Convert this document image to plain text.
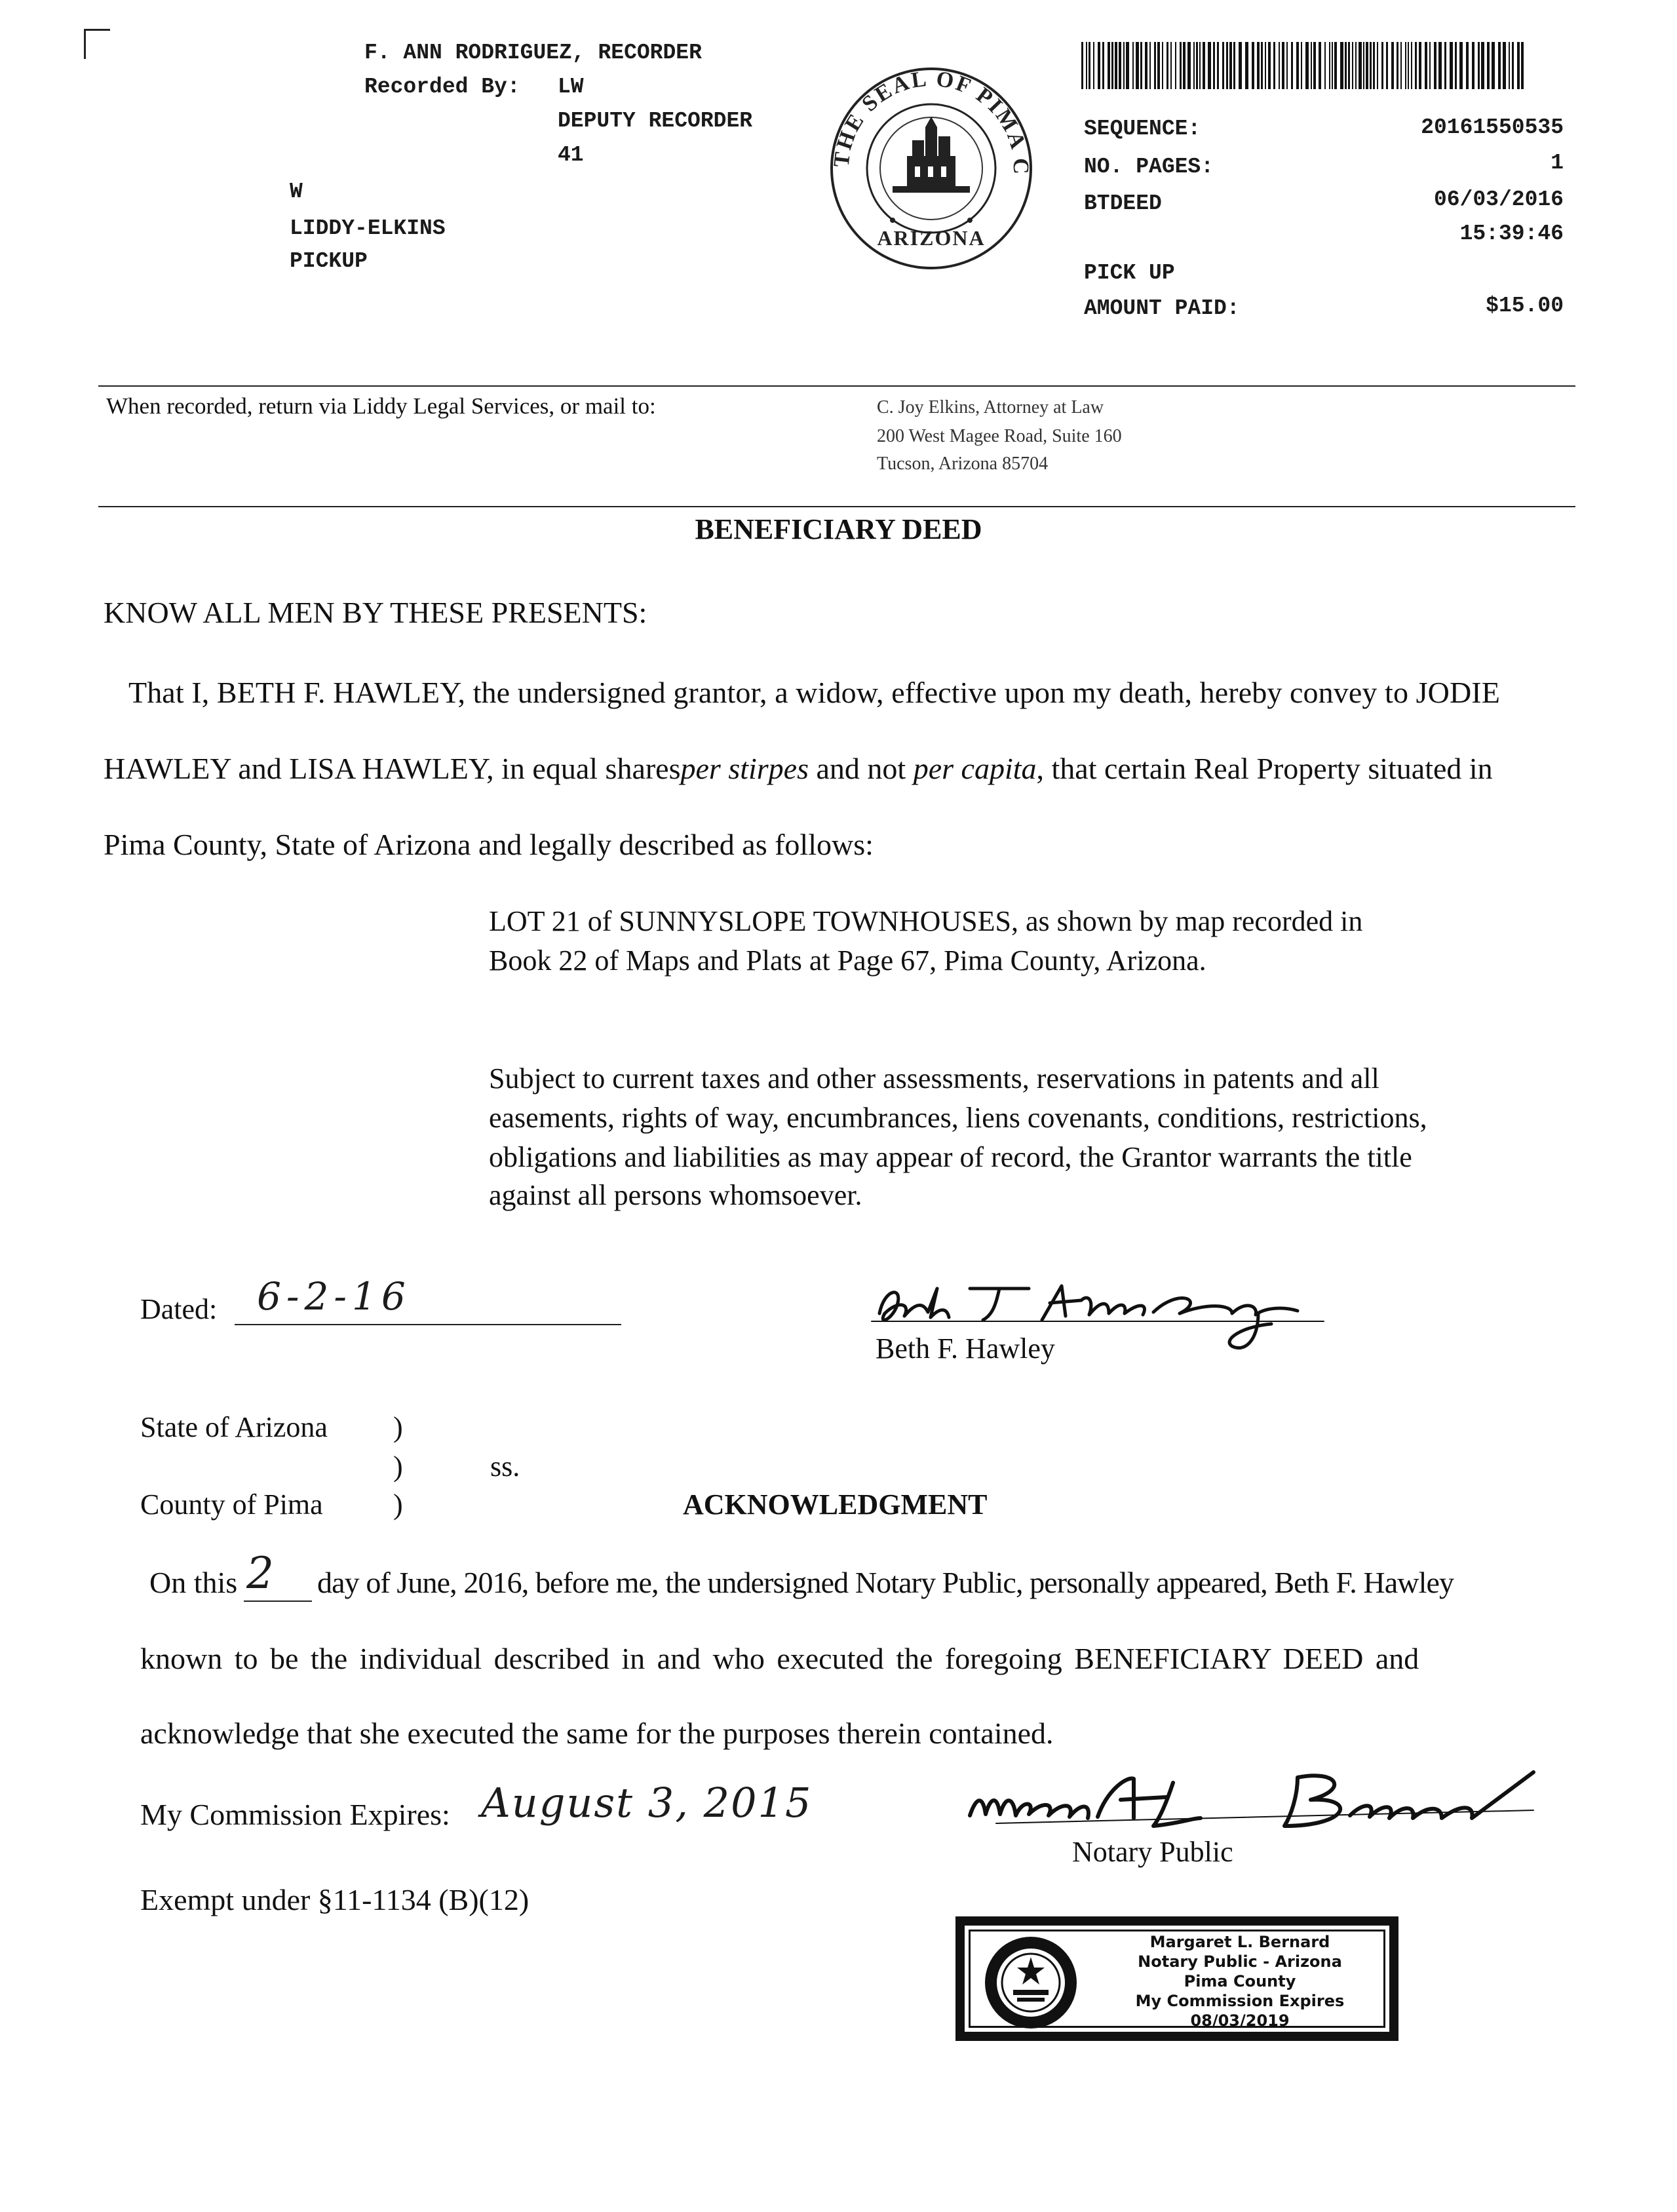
F. ANN RODRIGUEZ, RECORDER
Recorded By: LW
DEPUTY RECORDER
41
W
LIDDY-ELKINS
PICKUP
THE SEAL OF PIMA C
ARIZONA
SEQUENCE:	20161550535
NO. PAGES:	1
BTDEED	06/03/2016
15:39:46
PICK UP
AMOUNT PAID:	$15.00
When recorded, return via Liddy Legal Services, or mail to:	C. Joy Elkins, Attorney at Law
200 West Magee Road, Suite 160
Tucson, Arizona 85704
BENEFICIARY DEED
KNOW ALL MEN BY THESE PRESENTS:
That I, BETH F. HAWLEY, the undersigned grantor, a widow, effective upon my death, hereby convey to JODIE
HAWLEY and LISA HAWLEY, in equal sharesper stirpes and not per capita, that certain Real Property situated in
Pima County, State of Arizona and legally described as follows:
LOT 21 of SUNNYSLOPE TOWNHOUSES, as shown by map recorded in
Book 22 of Maps and Plats at Page 67, Pima County, Arizona.
Subject to current taxes and other assessments, reservations in patents and all
easements, rights of way, encumbrances, liens covenants, conditions, restrictions,
obligations and liabilities as may appear of record, the Grantor warrants the title
against all persons whomsoever.
Dated: 6-2-16
Beth F. Hawley
State of Arizona )
)	ss.
County of Pima )	ACKNOWLEDGMENT
On this 2 day of June, 2016, before me, the undersigned Notary Public, personally appeared, Beth F. Hawley
known to be the individual described in and who executed the foregoing BENEFICIARY DEED and
acknowledge that she executed the same for the purposes therein contained.
My Commission Expires: August 3, 2015
Notary Public
Exempt under §11-1134 (B)(12)
Margaret L. Bernard
Notary Public - Arizona
Pima County
My Commission Expires
08/03/2019
